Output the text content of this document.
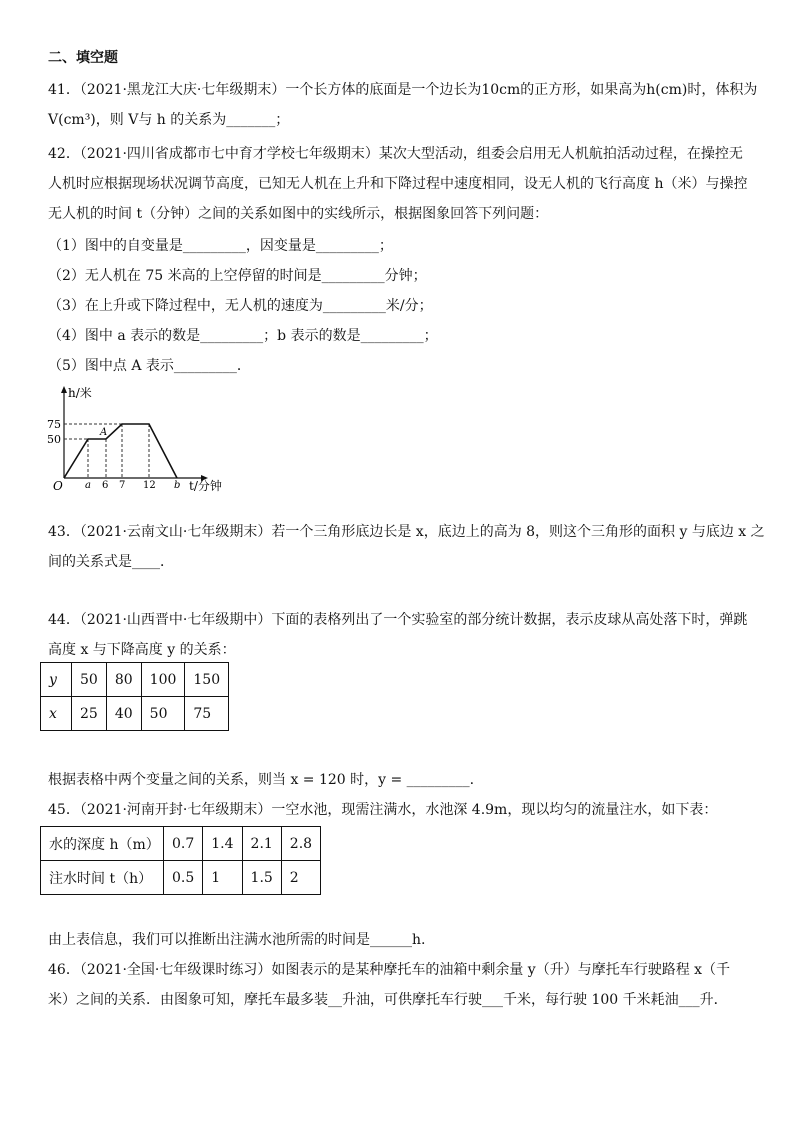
二、填空题
41．（2021·黑龙江大庆·七年级期末）一个长方体的底面是一个边长为10cm的正方形，如果高为h(cm)时，体积为
V(cm³)，则 V与 h 的关系为_______；
42．（2021·四川省成都市七中育才学校七年级期末）某次大型活动，组委会启用无人机航拍活动过程，在操控无
人机时应根据现场状况调节高度，已知无人机在上升和下降过程中速度相同，设无人机的飞行高度 h（米）与操控
无人机的时间 t（分钟）之间的关系如图中的实线所示，根据图象回答下列问题：
（1）图中的自变量是_________，因变量是_________；
（2）无人机在 75 米高的上空停留的时间是_________分钟；
（3）在上升或下降过程中，无人机的速度为_________米/分；
（4）图中 a 表示的数是_________；b 表示的数是_________；
（5）图中点 A 表示_________．
h/米
75
50
A
O a 6 7 12 b t/分钟
43．（2021·云南文山·七年级期末）若一个三角形底边长是 x，底边上的高为 8，则这个三角形的面积 y 与底边 x 之
间的关系式是____．
44．（2021·山西晋中·七年级期中）下面的表格列出了一个实验室的部分统计数据，表示皮球从高处落下时，弹跳
高度 x 与下降高度 y 的关系：
y	50	80	100	150
x	25	40	50	75
根据表格中两个变量之间的关系，则当 x = 120 时，y = _________.
45．（2021·河南开封·七年级期末）一空水池，现需注满水，水池深 4.9m，现以均匀的流量注水，如下表：
水的深度 h（m）	0.7	1.4	2.1	2.8
注水时间 t（h）	0.5	1	1.5	2
由上表信息，我们可以推断出注满水池所需的时间是______h.
46．（2021·全国·七年级课时练习）如图表示的是某种摩托车的油箱中剩余量 y（升）与摩托车行驶路程 x（千
米）之间的关系．由图象可知，摩托车最多装__升油，可供摩托车行驶___千米，每行驶 100 千米耗油___升．
